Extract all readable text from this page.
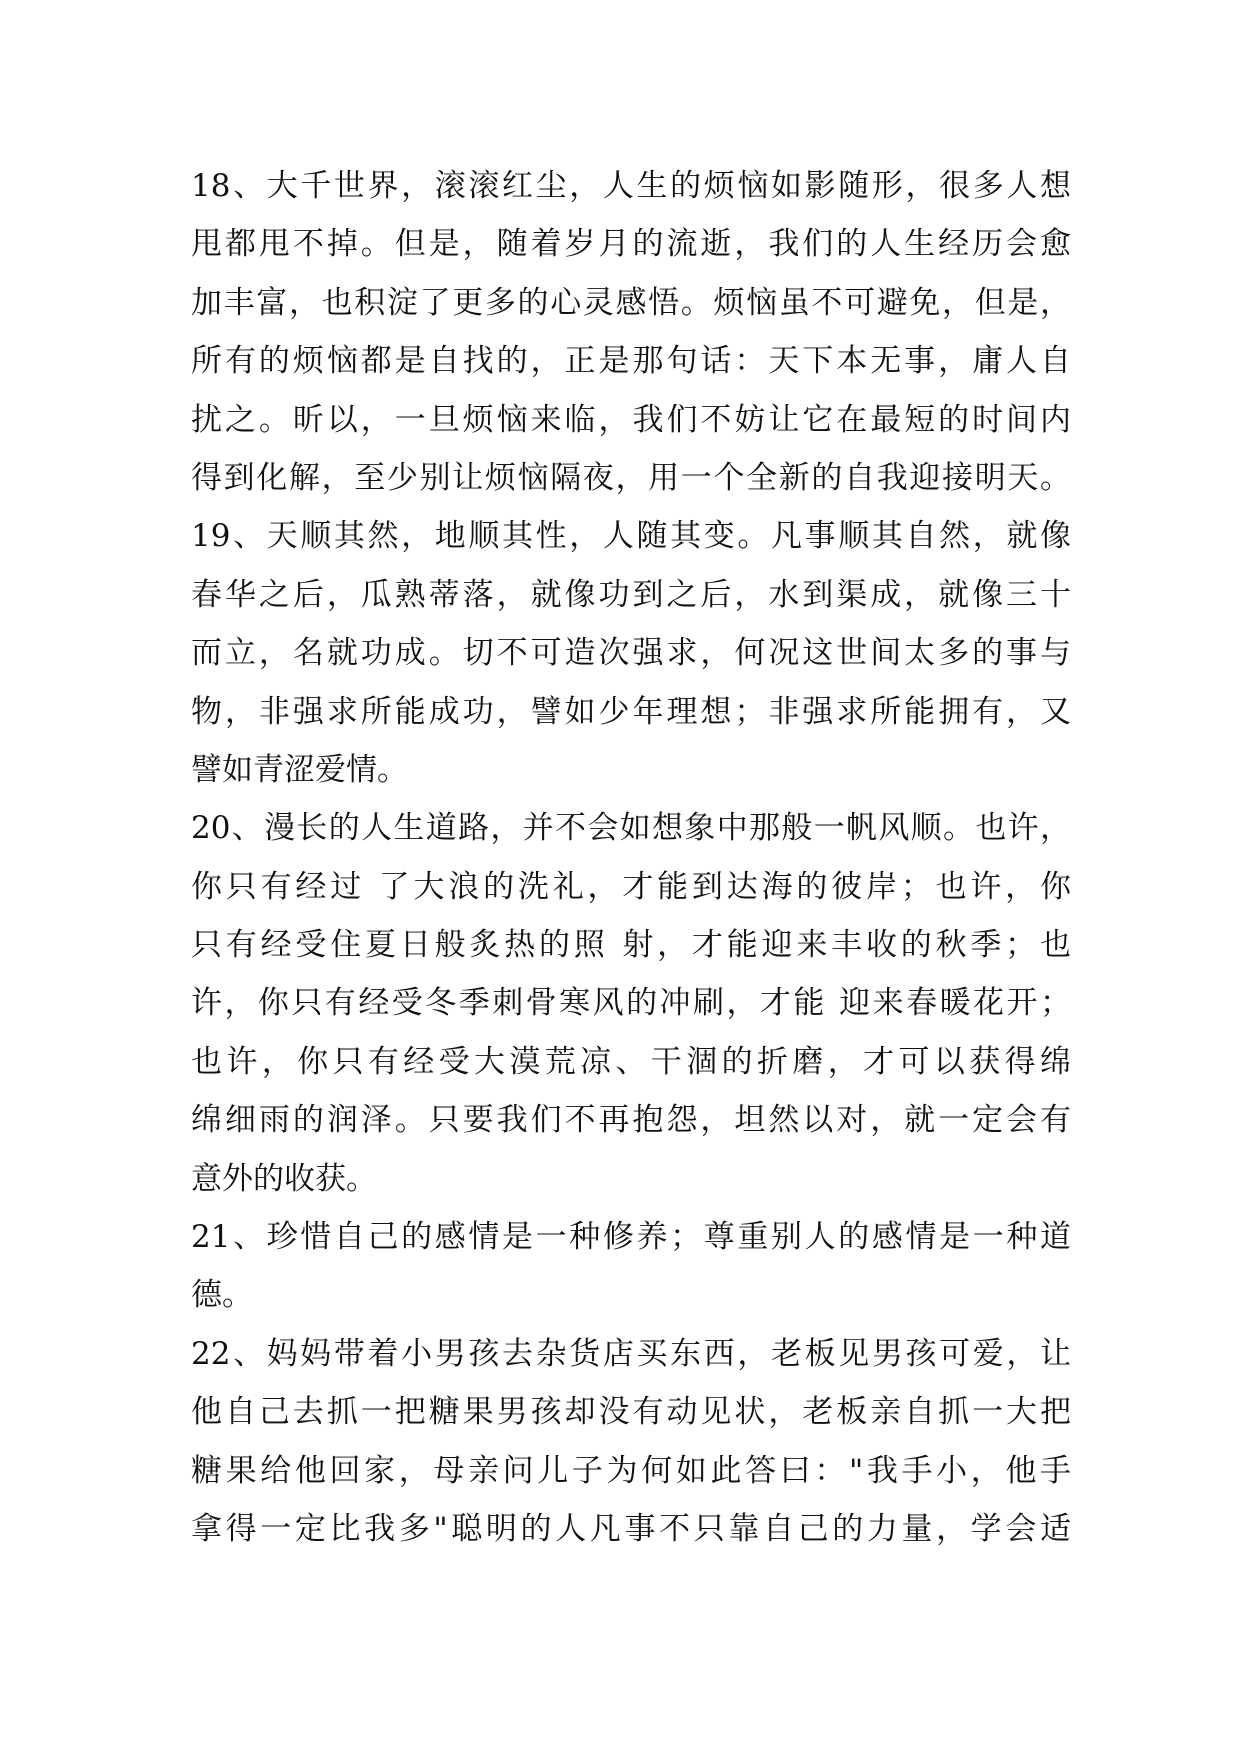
18、大千世界，滚滚红尘，人生的烦恼如影随形，很多人想
甩都甩不掉。但是，随着岁月的流逝，我们的人生经历会愈
加丰富，也积淀了更多的心灵感悟。烦恼虽不可避免，但是，
所有的烦恼都是自找的，正是那句话：天下本无事，庸人自
扰之。昕以，一旦烦恼来临，我们不妨让它在最短的时间内
得到化解，至少别让烦恼隔夜，用一个全新的自我迎接明天。
19、天顺其然，地顺其性，人随其变。凡事顺其自然，就像
春华之后，瓜熟蒂落，就像功到之后，水到渠成，就像三十
而立，名就功成。切不可造次强求，何况这世间太多的事与
物，非强求所能成功，譬如少年理想；非强求所能拥有，又
譬如青涩爱情。
20、漫长的人生道路，并不会如想象中那般一帆风顺。也许，
你只有经过 了大浪的洗礼，才能到达海的彼岸；也许，你
只有经受住夏日般炙热的照 射，才能迎来丰收的秋季；也
许，你只有经受冬季刺骨寒风的冲刷，才能 迎来春暖花开；
也许，你只有经受大漠荒凉、干涸的折磨，才可以获得绵
绵细雨的润泽。只要我们不再抱怨，坦然以对，就一定会有
意外的收获。
21、珍惜自己的感情是一种修养；尊重别人的感情是一种道
德。
22、妈妈带着小男孩去杂货店买东西，老板见男孩可爱，让
他自己去抓一把糖果男孩却没有动见状，老板亲自抓一大把
糖果给他回家，母亲问儿子为何如此答曰："我手小，他手
拿得一定比我多"聪明的人凡事不只靠自己的力量，学会适
